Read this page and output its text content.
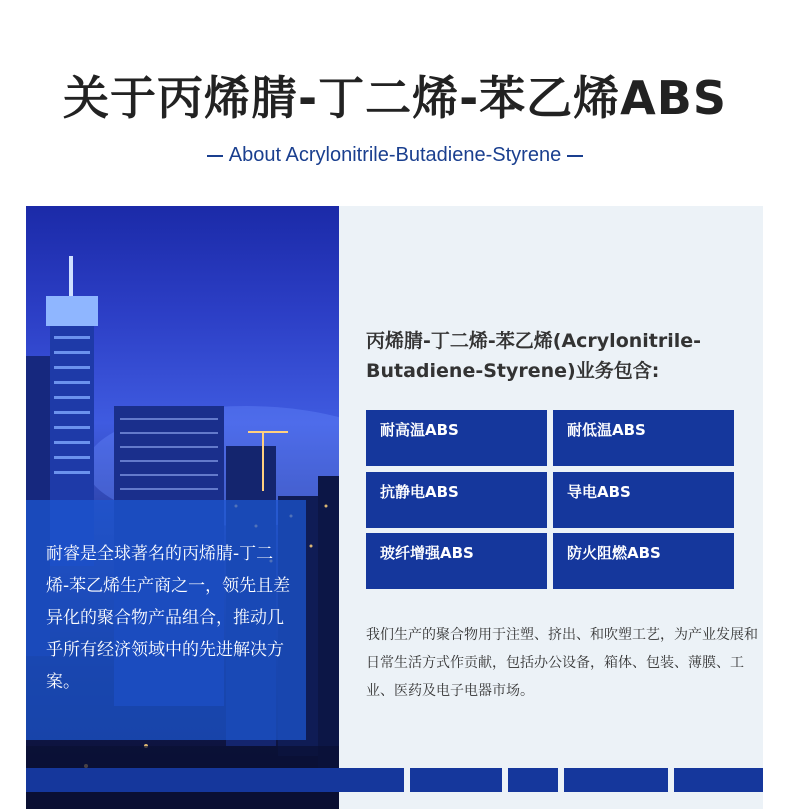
关于丙烯腈-丁二烯-苯乙烯ABS
About Acrylonitrile-Butadiene-Styrene

耐睿是全球著名的丙烯腈-丁二烯-苯乙烯生产商之一，领先且差异化的聚合物产品组合，推动几乎所有经济领域中的先进解决方案。

丙烯腈-丁二烯-苯乙烯(Acrylonitrile-Butadiene-Styrene)业务包含:
耐高温ABS	耐低温ABS
抗静电ABS	导电ABS
玻纤增强ABS	防火阻燃ABS
我们生产的聚合物用于注塑、挤出、和吹塑工艺，为产业发展和日常生活方式作贡献，包括办公设备，箱体、包装、薄膜、工业、医药及电子电器市场。
